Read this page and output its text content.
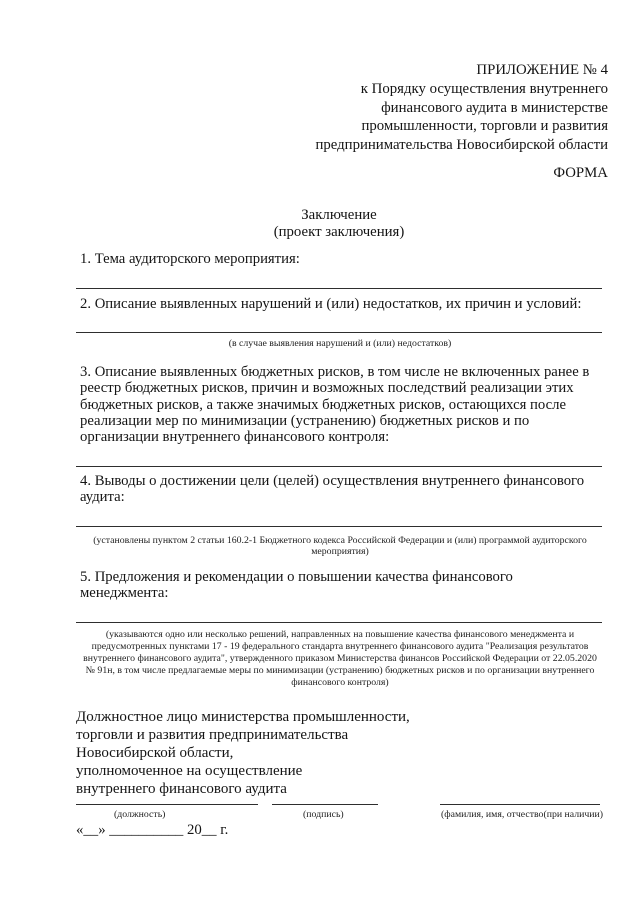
ПРИЛОЖЕНИЕ № 4
к Порядку осуществления внутреннего
финансового аудита в министерстве
промышленности, торговли и развития
предпринимательства Новосибирской области
ФОРМА
Заключение
(проект заключения)
1. Тема аудиторского мероприятия:
2. Описание выявленных нарушений и (или) недостатков, их причин и условий:
(в случае выявления нарушений и (или) недостатков)
3. Описание выявленных бюджетных рисков, в том числе не включенных ранее в
реестр бюджетных рисков, причин и возможных последствий реализации этих
бюджетных рисков, а также значимых бюджетных рисков, остающихся после
реализации мер по минимизации (устранению) бюджетных рисков и по
организации внутреннего финансового контроля:
4. Выводы о достижении цели (целей) осуществления внутреннего финансового
аудита:
(установлены пунктом 2 статьи 160.2-1 Бюджетного кодекса Российской Федерации и (или) программой аудиторского
мероприятия)
5. Предложения и рекомендации о повышении качества финансового
менеджмента:
(указываются одно или несколько решений, направленных на повышение качества финансового менеджмента и
предусмотренных пунктами 17 - 19 федерального стандарта внутреннего финансового аудита "Реализация результатов
внутреннего финансового аудита", утвержденного приказом Министерства финансов Российской Федерации от 22.05.2020
№ 91н, в том числе предлагаемые меры по минимизации (устранению) бюджетных рисков и по организации внутреннего
финансового контроля)
Должностное лицо министерства промышленности,
торговли и развития предпринимательства
Новосибирской области,
уполномоченное на осуществление
внутреннего финансового аудита
(должность)	(подпись)	(фамилия, имя, отчество(при наличии)
«__» __________ 20__ г.
